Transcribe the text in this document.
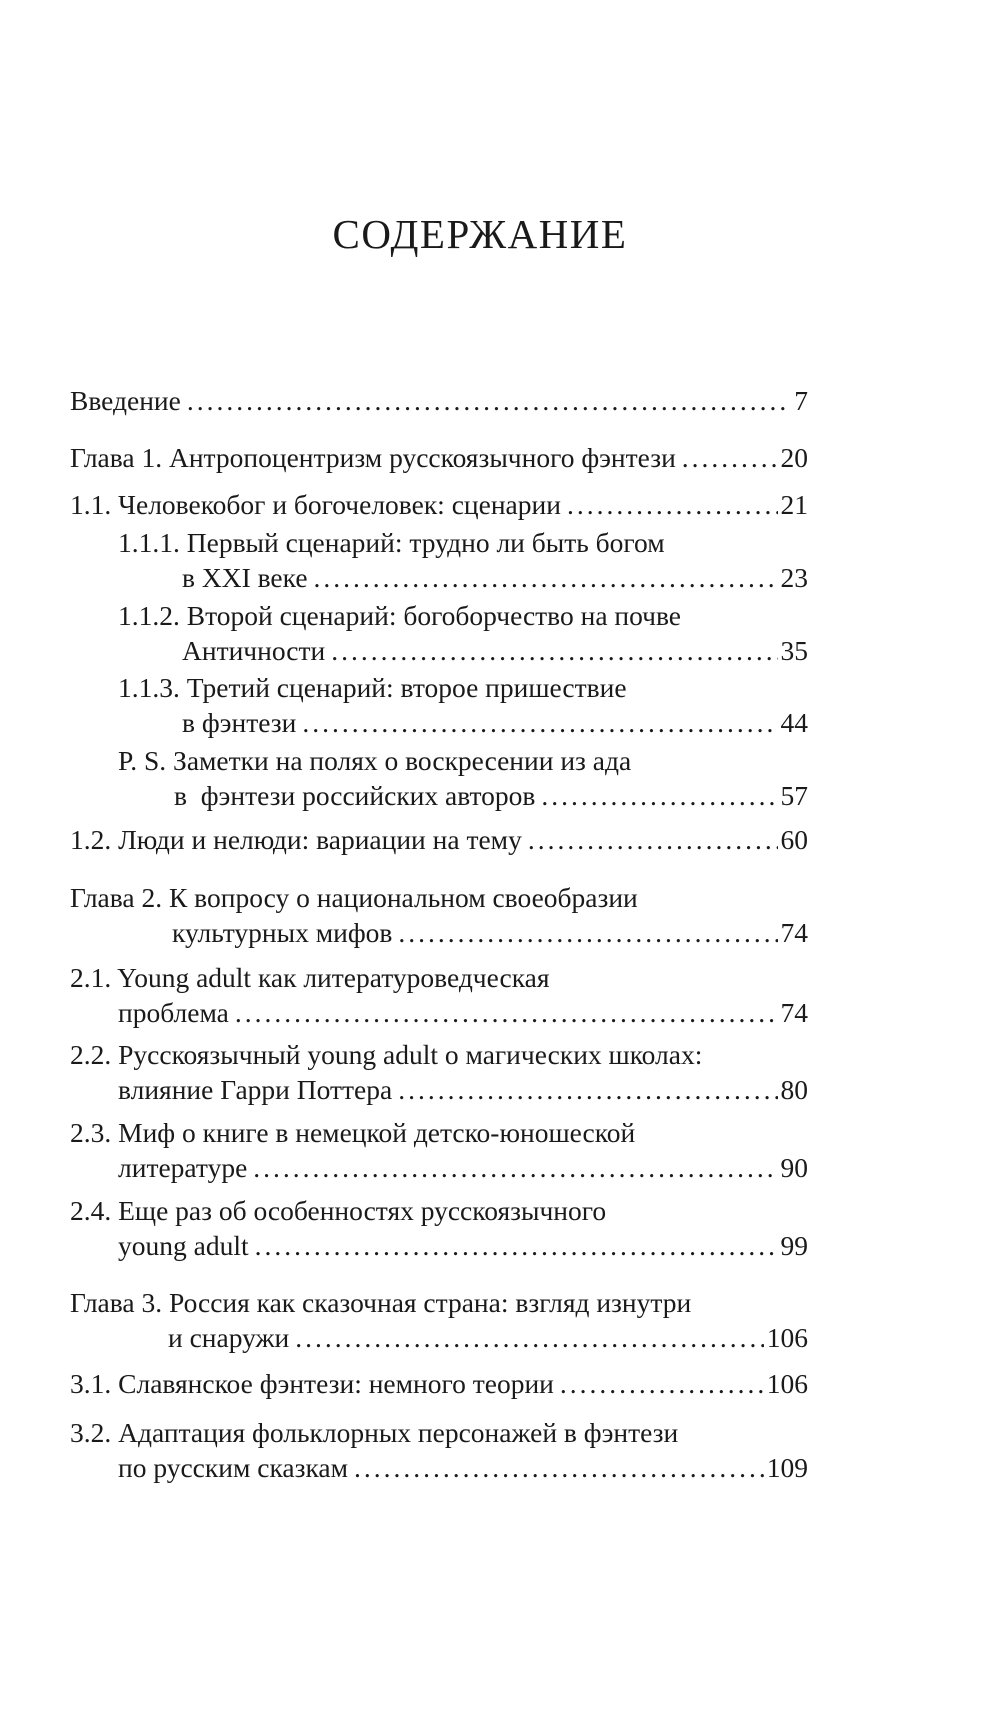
СОДЕРЖАНИЕ
Введение .....	7
Глава 1. Антропоцентризм русскоязычного фэнтези .....	20
1.1. Человекобог и богочеловек: сценарии .....	21
1.1.1. Первый сценарий: трудно ли быть богом
в XXI веке .....	23
1.1.2. Второй сценарий: богоборчество на почве
Античности .....	35
1.1.3. Третий сценарий: второе пришествие
в фэнтези .....	44
P. S. Заметки на полях о воскресении из ада
в  фэнтези российских авторов .....	57
1.2. Люди и нелюди: вариации на тему .....	60
Глава 2. К вопросу о национальном своеобразии
культурных мифов .....	74
2.1. Young adult как литературоведческая
проблема .....	74
2.2. Русскоязычный young adult о магических школах:
влияние Гарри Поттера .....	80
2.3. Миф о книге в немецкой детско-юношеской
литературе .....	90
2.4. Еще раз об особенностях русскоязычного
young adult .....	99
Глава 3. Россия как сказочная страна: взгляд изнутри
и снаружи .....	106
3.1. Славянское фэнтези: немного теории .....	106
3.2. Адаптация фольклорных персонажей в фэнтези
по русским сказкам .....	109
